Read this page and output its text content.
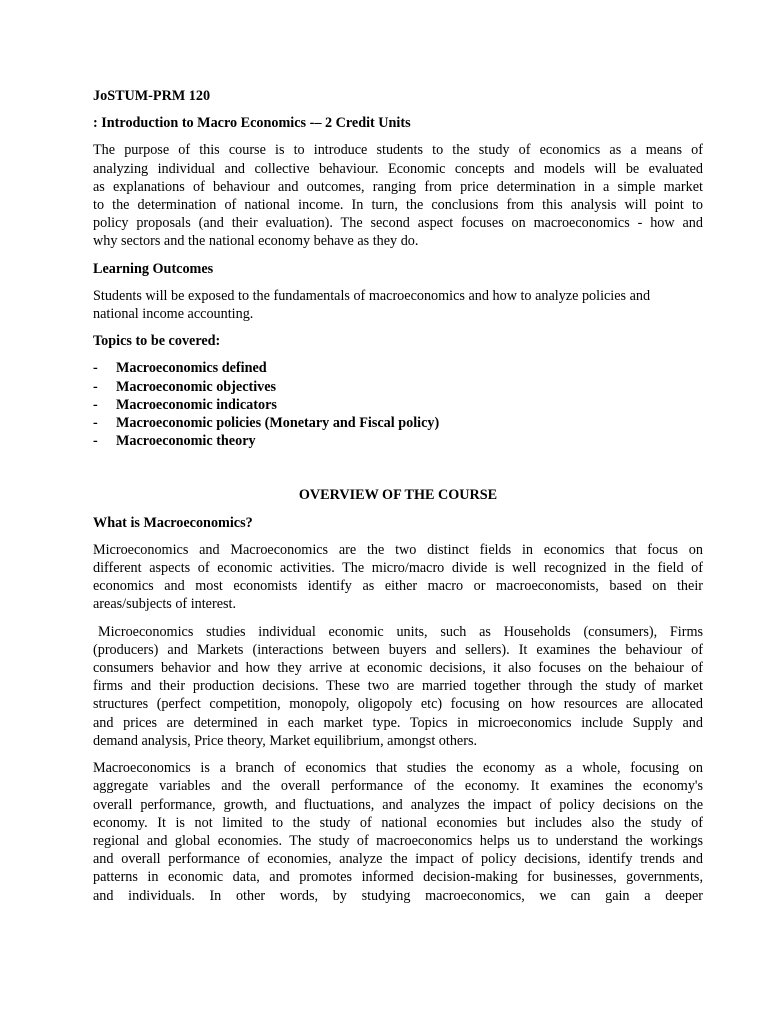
JoSTUM-PRM 120
: Introduction to Macro Economics -– 2 Credit Units
The purpose of this course is to introduce students to the study of economics as a means of
analyzing individual and collective behaviour. Economic concepts and models will be evaluated
as explanations of behaviour and outcomes, ranging from price determination in a simple market
to the determination of national income. In turn, the conclusions from this analysis will point to
policy proposals (and their evaluation). The second aspect focuses on macroeconomics - how and
why sectors and the national economy behave as they do.
Learning Outcomes
Students will be exposed to the fundamentals of macroeconomics and how to analyze policies and
national income accounting.
Topics to be covered:
-	Macroeconomics defined
-	Macroeconomic objectives
-	Macroeconomic indicators
-	Macroeconomic policies (Monetary and Fiscal policy)
-	Macroeconomic theory
OVERVIEW OF THE COURSE
What is Macroeconomics?
Microeconomics and Macroeconomics are the two distinct fields in economics that focus on
different aspects of economic activities. The micro/macro divide is well recognized in the field of
economics and most economists identify as either macro or macroeconomists, based on their
areas/subjects of interest.
Microeconomics studies individual economic units, such as Households (consumers), Firms
(producers) and Markets (interactions between buyers and sellers). It examines the behaviour of
consumers behavior and how they arrive at economic decisions, it also focuses on the behaiour of
firms and their production decisions. These two are married together through the study of market
structures (perfect competition, monopoly, oligopoly etc) focusing on how resources are allocated
and prices are determined in each market type. Topics in microeconomics include Supply and
demand analysis, Price theory, Market equilibrium, amongst others.
Macroeconomics is a branch of economics that studies the economy as a whole, focusing on
aggregate variables and the overall performance of the economy. It examines the economy's
overall performance, growth, and fluctuations, and analyzes the impact of policy decisions on the
economy. It is not limited to the study of national economies but includes also the study of
regional and global economies. The study of macroeconomics helps us to understand the workings
and overall performance of economies, analyze the impact of policy decisions, identify trends and
patterns in economic data, and promotes informed decision-making for businesses, governments,
and individuals. In other words, by studying macroeconomics, we can gain a deeper
